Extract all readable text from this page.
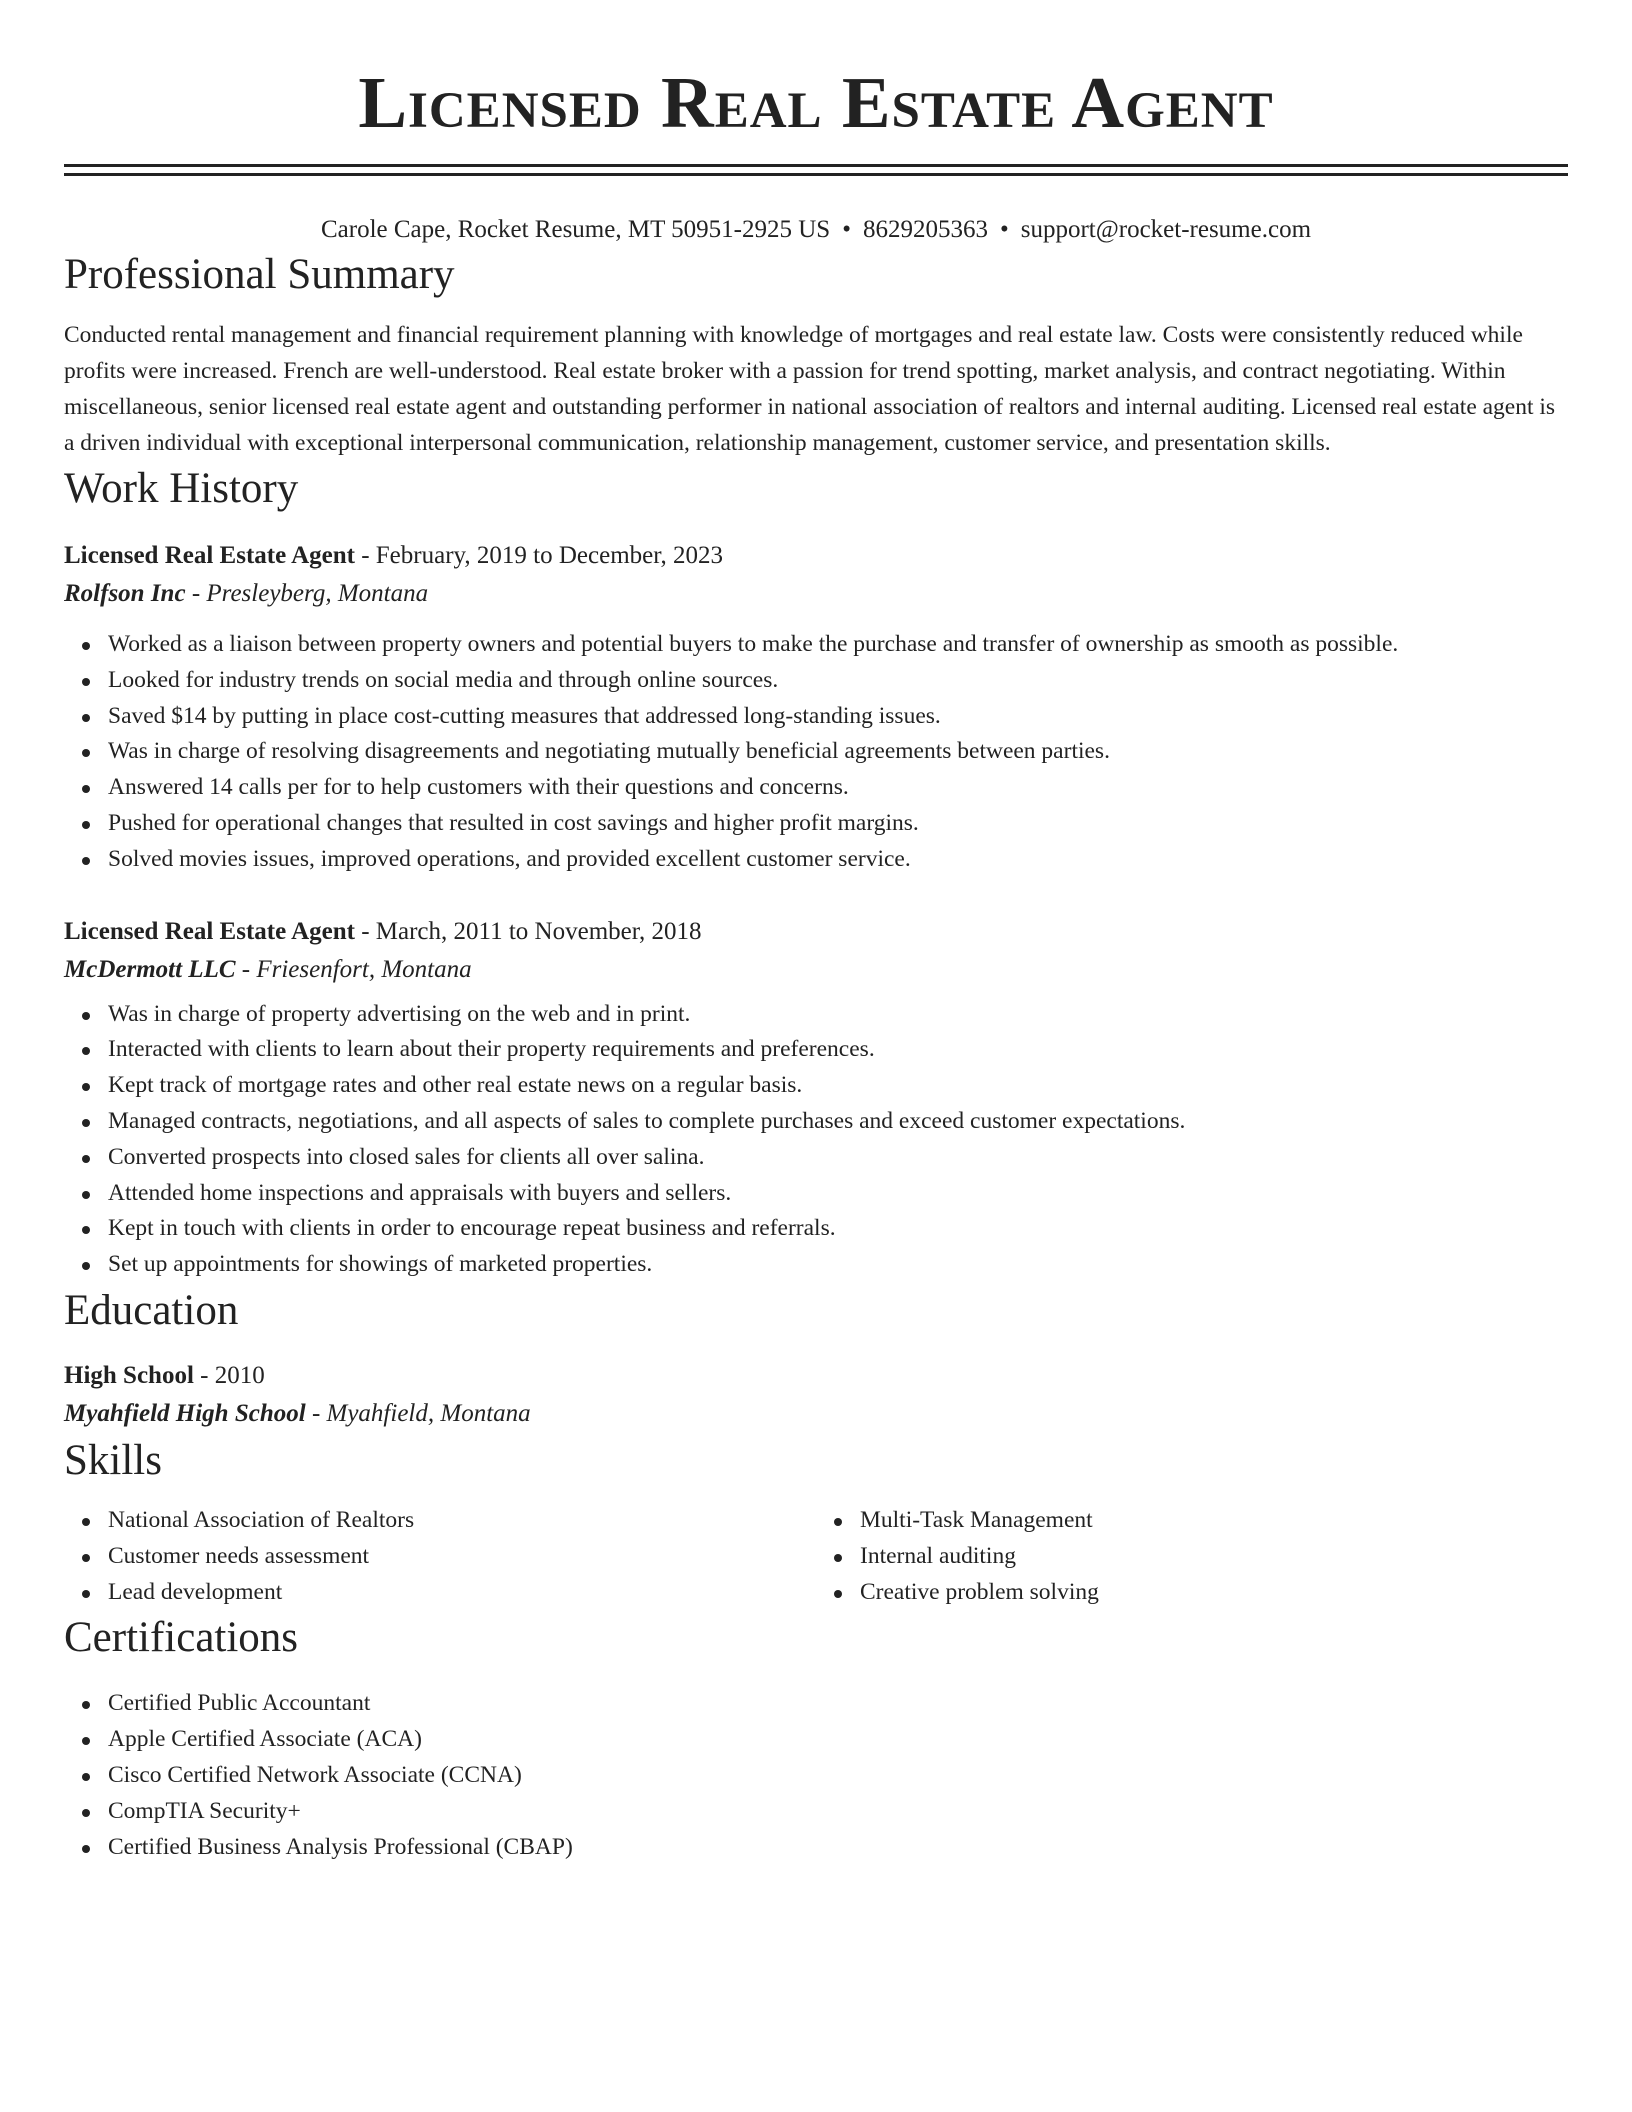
Licensed Real Estate Agent
Carole Cape, Rocket Resume, MT 50951-2925 US • 8629205363 • support@rocket-resume.com
Professional Summary
Conducted rental management and financial requirement planning with knowledge of mortgages and real estate law. Costs were consistently reduced while profits were increased. French are well-understood. Real estate broker with a passion for trend spotting, market analysis, and contract negotiating. Within miscellaneous, senior licensed real estate agent and outstanding performer in national association of realtors and internal auditing. Licensed real estate agent is a driven individual with exceptional interpersonal communication, relationship management, customer service, and presentation skills.
Work History
Licensed Real Estate Agent - February, 2019 to December, 2023
Rolfson Inc - Presleyberg, Montana
Worked as a liaison between property owners and potential buyers to make the purchase and transfer of ownership as smooth as possible.
Looked for industry trends on social media and through online sources.
Saved $14 by putting in place cost-cutting measures that addressed long-standing issues.
Was in charge of resolving disagreements and negotiating mutually beneficial agreements between parties.
Answered 14 calls per for to help customers with their questions and concerns.
Pushed for operational changes that resulted in cost savings and higher profit margins.
Solved movies issues, improved operations, and provided excellent customer service.
Licensed Real Estate Agent - March, 2011 to November, 2018
McDermott LLC - Friesenfort, Montana
Was in charge of property advertising on the web and in print.
Interacted with clients to learn about their property requirements and preferences.
Kept track of mortgage rates and other real estate news on a regular basis.
Managed contracts, negotiations, and all aspects of sales to complete purchases and exceed customer expectations.
Converted prospects into closed sales for clients all over salina.
Attended home inspections and appraisals with buyers and sellers.
Kept in touch with clients in order to encourage repeat business and referrals.
Set up appointments for showings of marketed properties.
Education
High School - 2010
Myahfield High School - Myahfield, Montana
Skills
National Association of Realtors
Customer needs assessment
Lead development
Multi-Task Management
Internal auditing
Creative problem solving
Certifications
Certified Public Accountant
Apple Certified Associate (ACA)
Cisco Certified Network Associate (CCNA)
CompTIA Security+
Certified Business Analysis Professional (CBAP)
